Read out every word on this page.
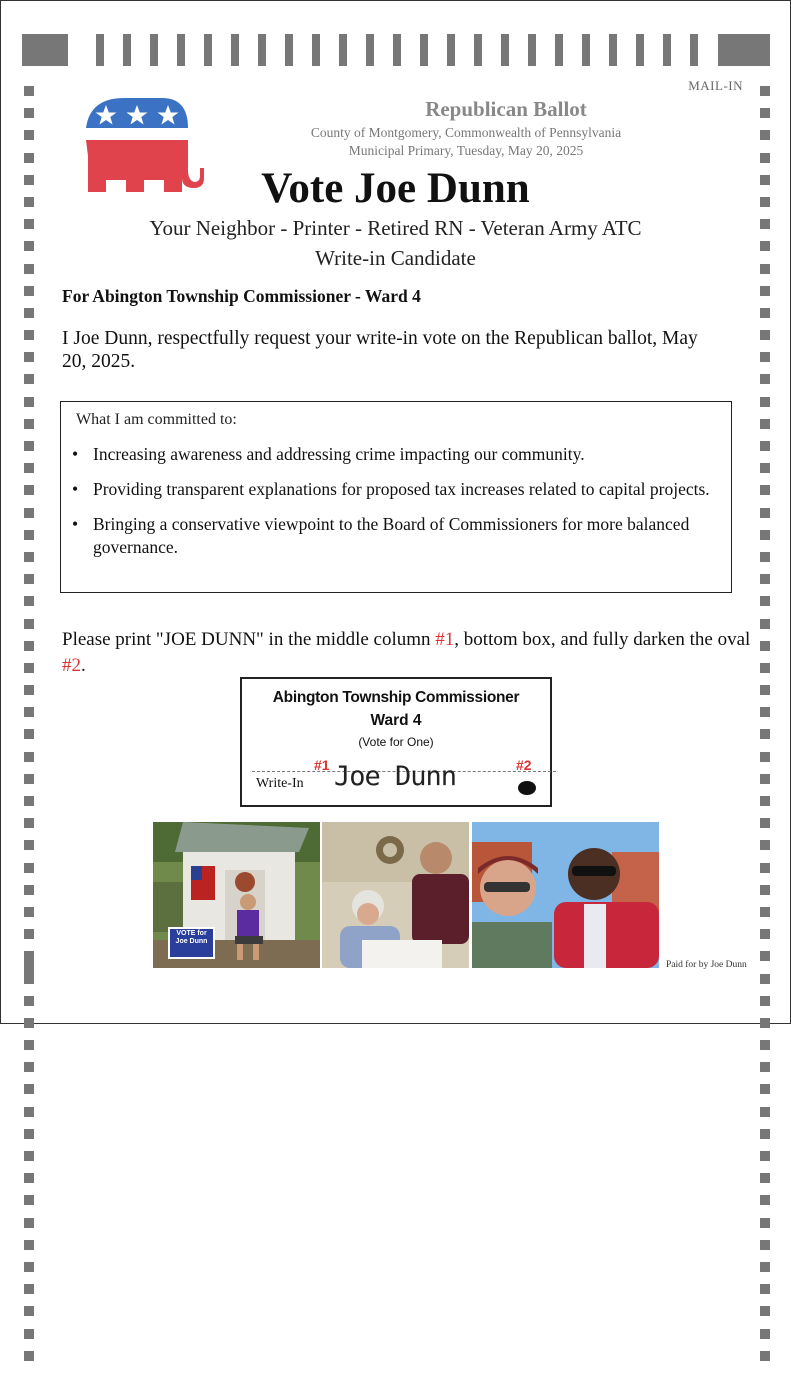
MAIL-IN
Republican Ballot
County of Montgomery, Commonwealth of Pennsylvania
Municipal Primary, Tuesday, May 20, 2025
Vote Joe Dunn
Your Neighbor - Printer - Retired RN - Veteran Army ATC
Write-in Candidate
For Abington Township Commissioner - Ward 4
I Joe Dunn, respectfully request your write-in vote on the Republican ballot, May 20, 2025.
What I am committed to:
• Increasing awareness and addressing crime impacting our community.
• Providing transparent explanations for proposed tax increases related to capital projects.
• Bringing a conservative viewpoint to the Board of Commissioners for more balanced governance.
Please print "JOE DUNN" in the middle column #1, bottom box, and fully darken the oval #2.
Abington Township Commissioner
Ward 4
(Vote for One)
Write-In
#1 Joe Dunn	#2
VOTE for Joe Dunn
Paid for by Joe Dunn
